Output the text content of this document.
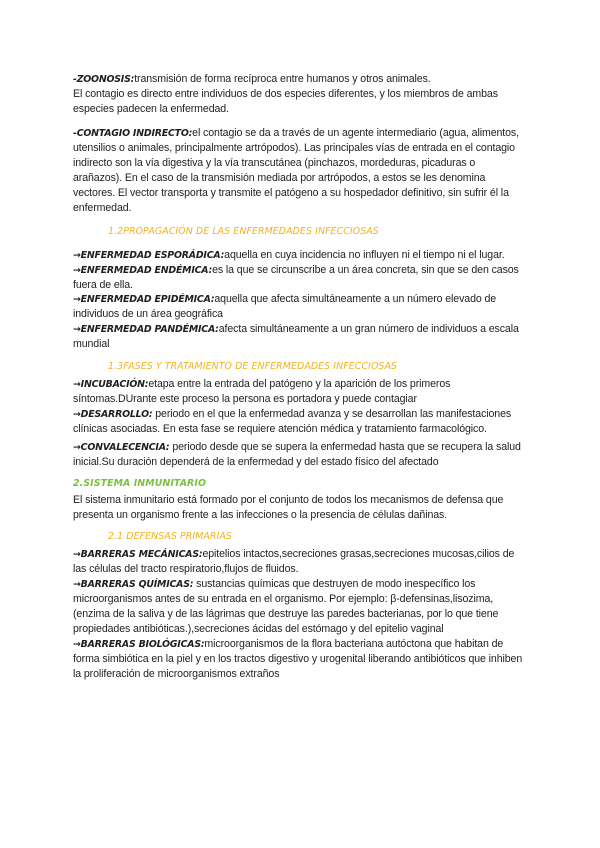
-ZOONOSIS:transmisión de forma recíproca entre humanos y otros animales.
El contagio es directo entre individuos de dos especies diferentes, y los miembros de ambas especies padecen la enfermedad.
-CONTAGIO INDIRECTO:el contagio se da a través de un agente intermediario (agua, alimentos, utensilios o animales, principalmente artrópodos). Las principales vías de entrada en el contagio indirecto son la vía digestiva y la vía transcutánea (pinchazos, mordeduras, picaduras o arañazos). En el caso de la transmisión mediada por artrópodos, a estos se les denomina vectores. El vector transporta y transmite el patógeno a su hospedador definitivo, sin sufrir él la enfermedad.
1.2PROPAGACIÓN DE LAS ENFERMEDADES INFECCIOSAS
→ENFERMEDAD ESPORÁDICA:aquella en cuya incidencia no influyen ni el tiempo ni el lugar.
→ENFERMEDAD ENDÉMICA:es la que se circunscribe a un área concreta, sin que se den casos fuera de ella.
→ENFERMEDAD EPIDÉMICA:aquella que afecta simultáneamente a un número elevado de individuos de un área geográfica
→ENFERMEDAD PANDÉMICA:afecta simultáneamente a un gran número de individuos a escala mundial
1.3FASES Y TRATAMIENTO DE ENFERMEDADES INFECCIOSAS
→INCUBACIÓN:etapa entre la entrada del patógeno y la aparición de los primeros síntomas.DUrante este proceso la persona es portadora y puede contagiar
→DESARROLLO: periodo en el que la enfermedad avanza y se desarrollan las manifestaciones clínicas asociadas. En esta fase se requiere atención médica y tratamiento farmacológico.
→CONVALECENCIA: periodo desde que se supera la enfermedad hasta que se recupera la salud inicial.Su duración dependerá de la enfermedad y del estado físico del afectado
2.SISTEMA INMUNITARIO
El sistema inmunitario está formado por el conjunto de todos los mecanismos de defensa que presenta un organismo frente a las infecciones o la presencia de células dañinas.
2.1 DEFENSAS PRIMARIAS
→BARRERAS MECÁNICAS:epitelios intactos,secreciones grasas,secreciones mucosas,cilios de las células del tracto respiratorio,flujos de fluidos.
→BARRERAS QUÍMICAS: sustancias químicas que destruyen de modo inespecífico los microorganismos antes de su entrada en el organismo. Por ejemplo: β-defensinas,lisozima,(enzima de la saliva y de las lágrimas que destruye las paredes bacterianas, por lo que tiene propiedades antibióticas.),secreciones ácidas del estómago y del epitelio vaginal
→BARRERAS BIOLÓGICAS:microorganismos de la flora bacteriana autóctona que habitan de forma simbiótica en la piel y en los tractos digestivo y urogenital liberando antibióticos que inhiben la proliferación de microorganismos extraños
